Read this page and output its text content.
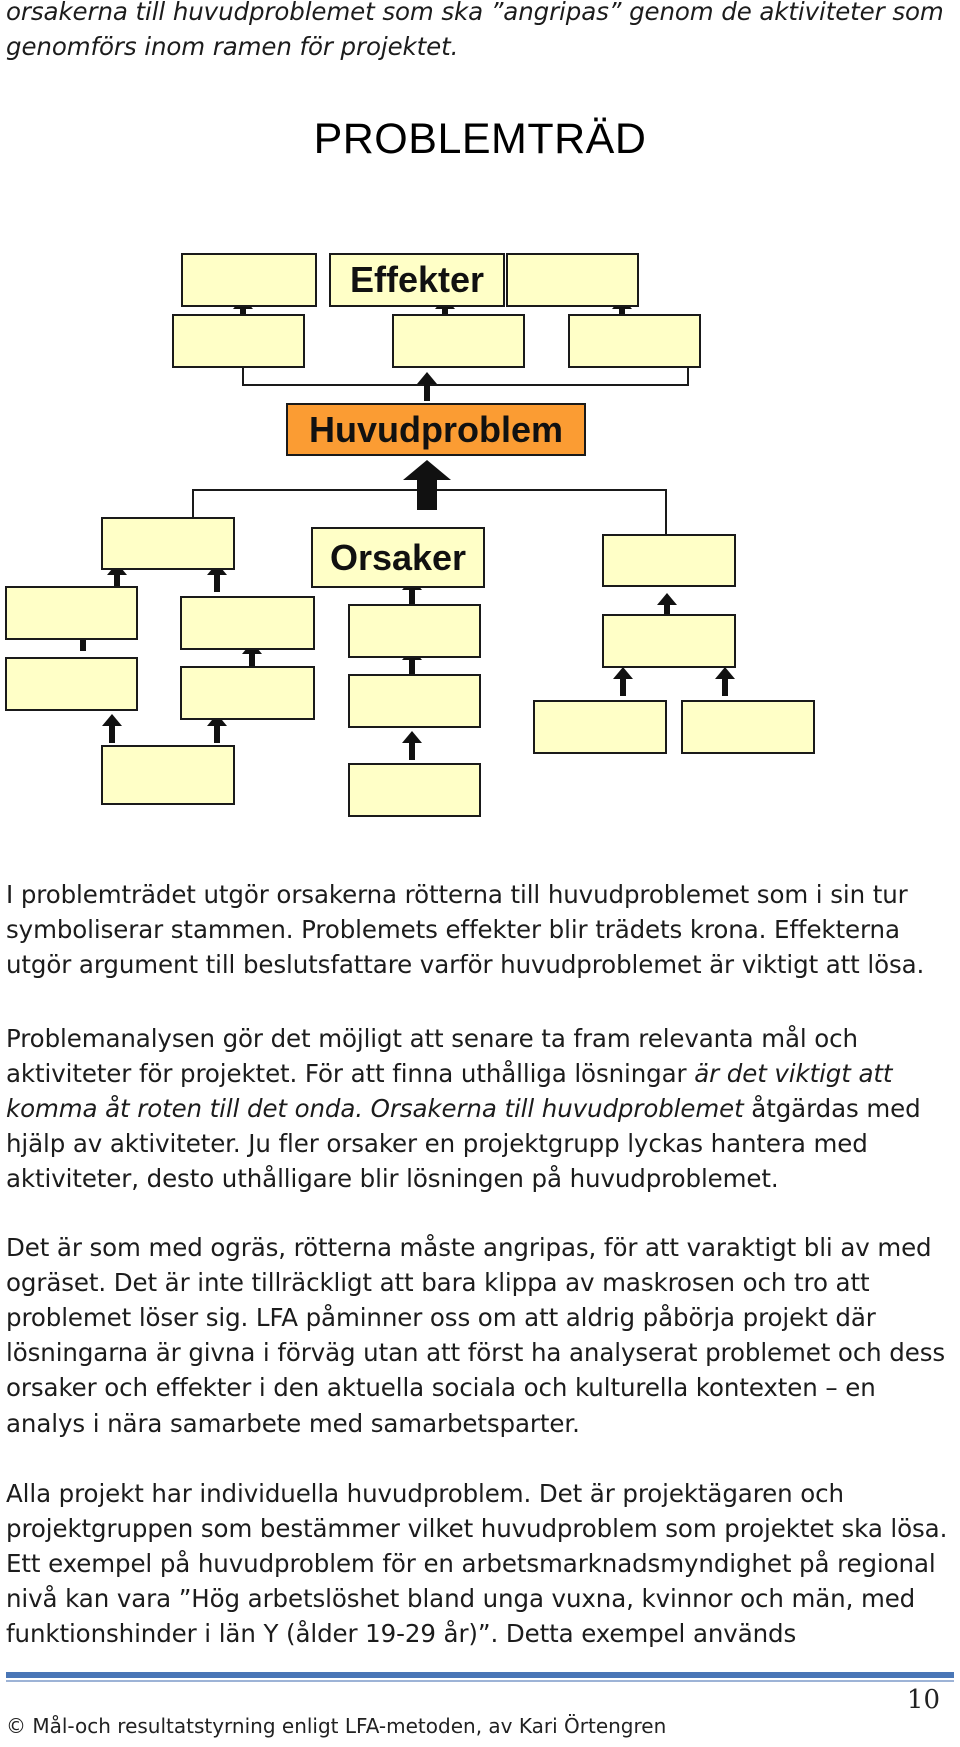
orsakerna till huvudproblemet som ska ”angripas” genom de aktiviteter som
genomförs inom ramen för projektet.
PROBLEMTRÄD
Effekter
Huvudproblem
Orsaker

I problemträdet utgör orsakerna rötterna till huvudproblemet som i sin tur symboliserar stammen. Problemets effekter blir trädets krona. Effekterna utgör argument till beslutsfattare varför huvudproblemet är viktigt att lösa.

Problemanalysen gör det möjligt att senare ta fram relevanta mål och aktiviteter för projektet. För att finna uthålliga lösningar är det viktigt att komma åt roten till det onda. Orsakerna till huvudproblemet åtgärdas med hjälp av aktiviteter. Ju fler orsaker en projektgrupp lyckas hantera med aktiviteter, desto uthålligare blir lösningen på huvudproblemet.

Det är som med ogräs, rötterna måste angripas, för att varaktigt bli av med ogräset. Det är inte tillräckligt att bara klippa av maskrosen och tro att problemet löser sig. LFA påminner oss om att aldrig påbörja projekt där lösningarna är givna i förväg utan att först ha analyserat problemet och dess orsaker och effekter i den aktuella sociala och kulturella kontexten – en analys i nära samarbete med samarbetsparter.

Alla projekt har individuella huvudproblem. Det är projektägaren och projektgruppen som bestämmer vilket huvudproblem som projektet ska lösa. Ett exempel på huvudproblem för en arbetsmarknadsmyndighet på regional nivå kan vara ”Hög arbetslöshet bland unga vuxna, kvinnor och män, med funktionshinder i län Y (ålder 19-29 år)”. Detta exempel används

10
© Mål-och resultatstyrning enligt LFA-metoden, av Kari Örtengren
